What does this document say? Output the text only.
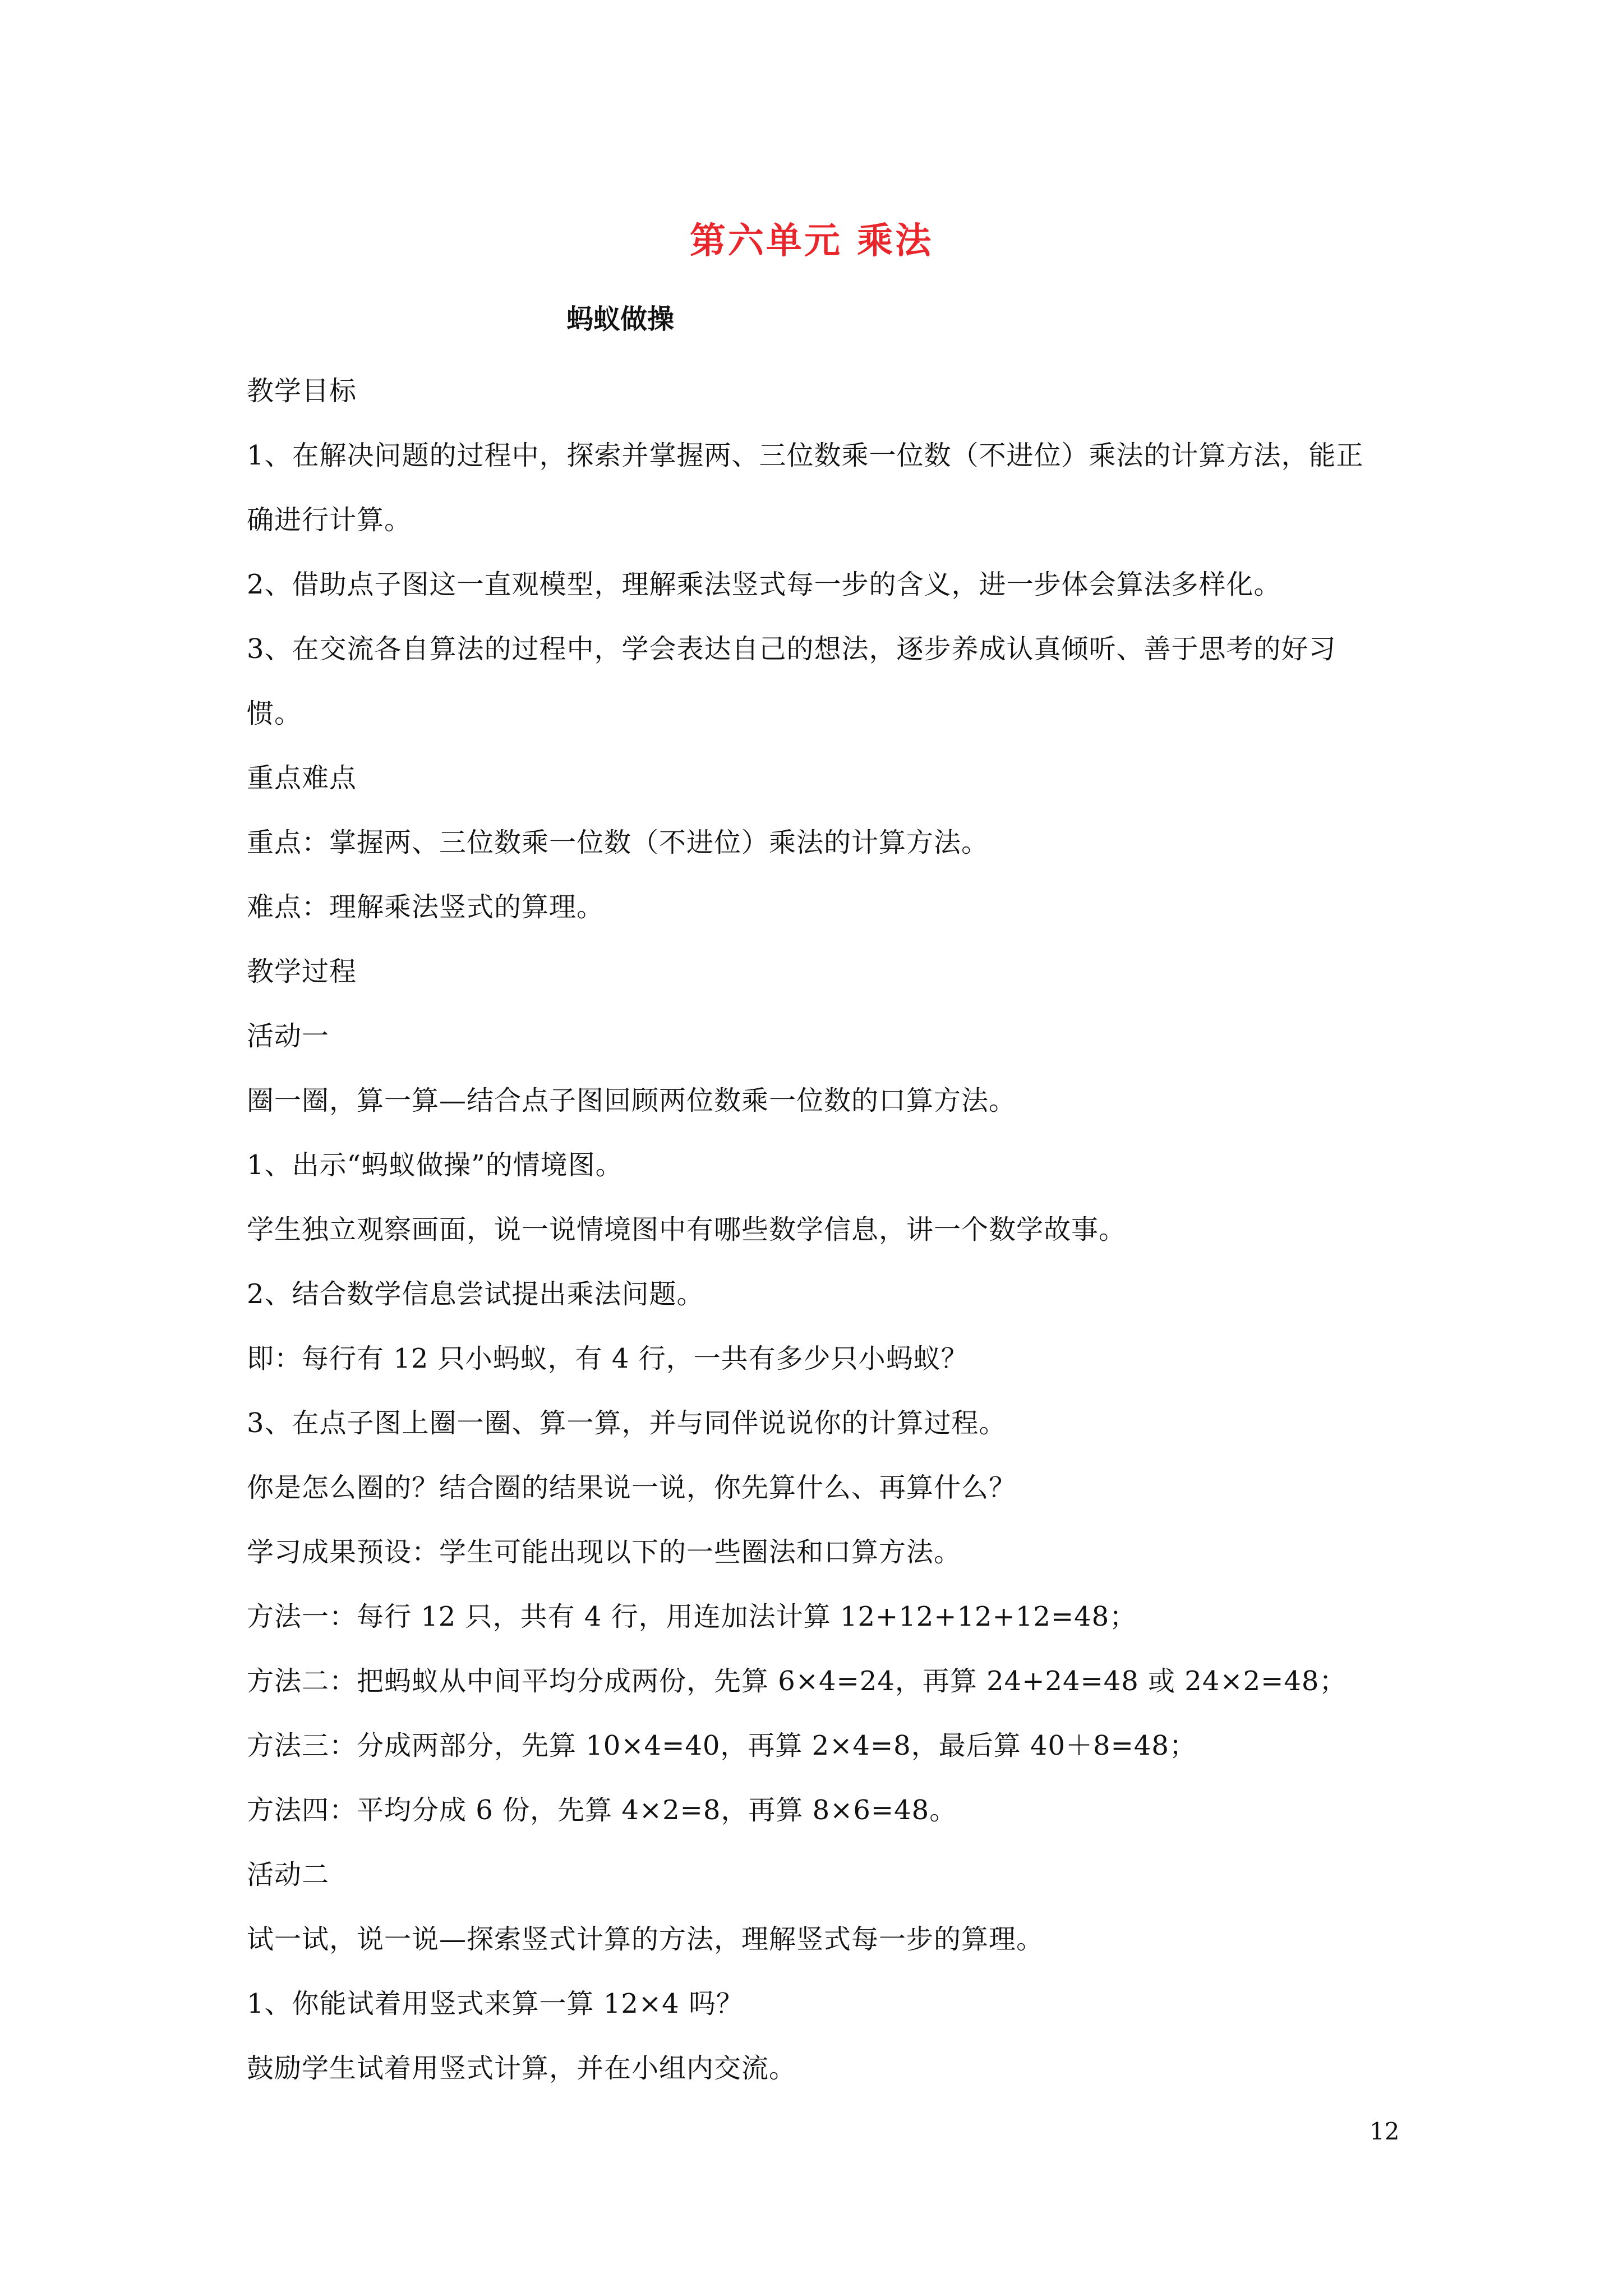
第六单元 乘法
蚂蚁做操

教学目标

1、在解决问题的过程中，探索并掌握两、三位数乘一位数（不进位）乘法的计算方法，能正确进行计算。

2、借助点子图这一直观模型，理解乘法竖式每一步的含义，进一步体会算法多样化。

3、在交流各自算法的过程中，学会表达自己的想法，逐步养成认真倾听、善于思考的好习惯。

重点难点

重点：掌握两、三位数乘一位数（不进位）乘法的计算方法。

难点：理解乘法竖式的算理。

教学过程

活动一

圈一圈，算一算—结合点子图回顾两位数乘一位数的口算方法。

1、出示“蚂蚁做操”的情境图。

学生独立观察画面，说一说情境图中有哪些数学信息，讲一个数学故事。

2、结合数学信息尝试提出乘法问题。

即：每行有 12 只小蚂蚁，有 4 行，一共有多少只小蚂蚁？

3、在点子图上圈一圈、算一算，并与同伴说说你的计算过程。

你是怎么圈的？结合圈的结果说一说，你先算什么、再算什么？

学习成果预设：学生可能出现以下的一些圈法和口算方法。

方法一：每行 12 只，共有 4 行，用连加法计算 12+12+12+12=48；

方法二：把蚂蚁从中间平均分成两份，先算 6×4=24，再算 24+24=48 或 24×2=48；

方法三：分成两部分，先算 10×4=40，再算 2×4=8，最后算 40＋8=48；

方法四：平均分成 6 份，先算 4×2=8，再算 8×6=48。

活动二

试一试，说一说—探索竖式计算的方法，理解竖式每一步的算理。

1、你能试着用竖式来算一算 12×4 吗？

鼓励学生试着用竖式计算，并在小组内交流。

12
